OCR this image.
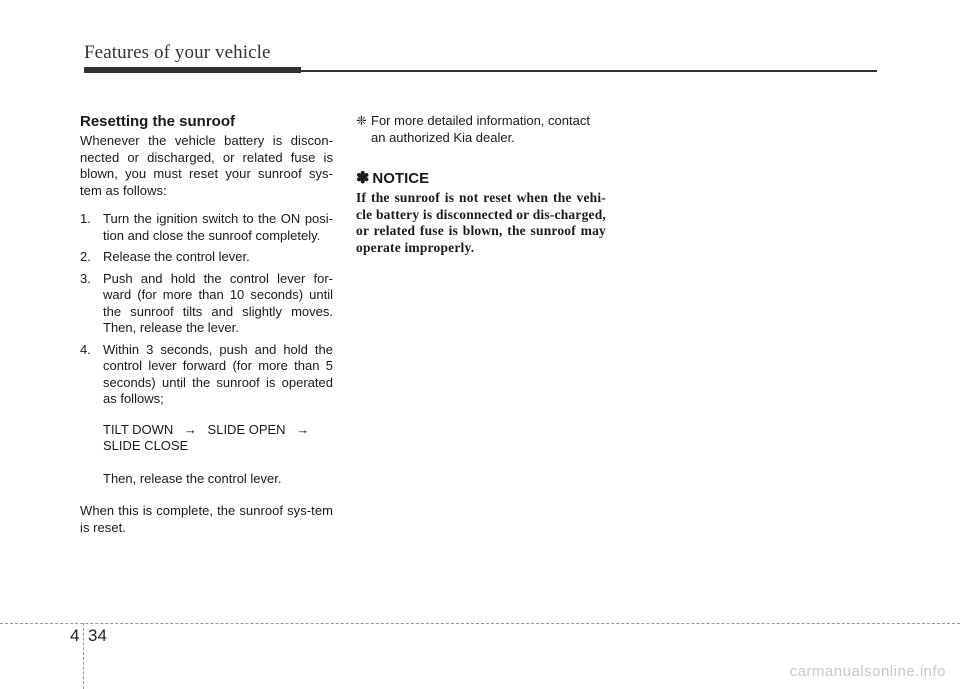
Features of your vehicle
Resetting the sunroof

Whenever the vehicle battery is discon-nected or discharged, or related fuse is blown, you must reset your sunroof sys-tem as follows:

1. Turn the ignition switch to the ON posi-tion and close the sunroof completely.
2. Release the control lever.
3. Push and hold the control lever for-ward (for more than 10 seconds) until the sunroof tilts and slightly moves. Then, release the lever.
4. Within 3 seconds, push and hold the control lever forward (for more than 5 seconds) until the sunroof is operated as follows;
TILT DOWN → SLIDE OPEN →
SLIDE CLOSE
Then, release the control lever.

When this is complete, the sunroof sys-tem is reset.

❈ For more detailed information, contact an authorized Kia dealer.
✽ NOTICE

If the sunroof is not reset when the vehi-cle battery is disconnected or dis-charged, or related fuse is blown, the sunroof may operate improperly.

4 34
carmanualsonline.info
